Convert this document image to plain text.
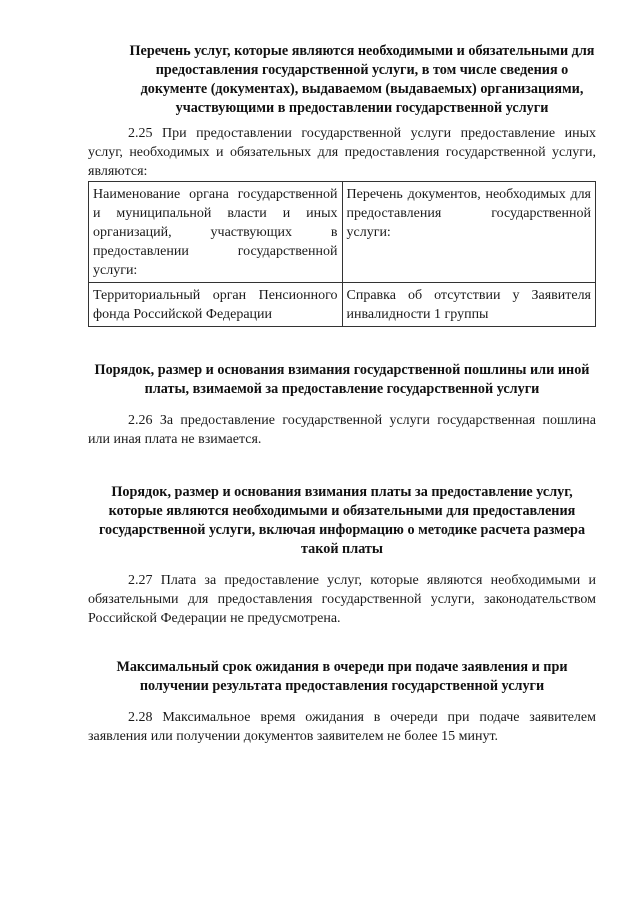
Перечень услуг, которые являются необходимыми и обязательными для предоставления государственной услуги, в том числе сведения о документе (документах), выдаваемом (выдаваемых) организациями, участвующими в предоставлении государственной услуги

2.25 При предоставлении государственной услуги предоставление иных услуг, необходимых и обязательных для предоставления государственной услуги, являются:

Наименование органа государственной и муниципальной власти и иных организаций, участвующих в предоставлении государственной услуги:	Перечень документов, необходимых для предоставления государственной услуги:
Территориальный орган Пенсионного фонда Российской Федерации	Справка об отсутствии у Заявителя инвалидности 1 группы
Порядок, размер и основания взимания государственной пошлины или иной платы, взимаемой за предоставление государственной услуги

2.26 За предоставление государственной услуги государственная пошлина или иная плата не взимается.

Порядок, размер и основания взимания платы за предоставление услуг, которые являются необходимыми и обязательными для предоставления государственной услуги, включая информацию о методике расчета размера такой платы

2.27 Плата за предоставление услуг, которые являются необходимыми и обязательными для предоставления государственной услуги, законодательством Российской Федерации не предусмотрена.

Максимальный срок ожидания в очереди при подаче заявления и при получении результата предоставления государственной услуги

2.28 Максимальное время ожидания в очереди при подаче заявителем заявления или получении документов заявителем не более 15 минут.
